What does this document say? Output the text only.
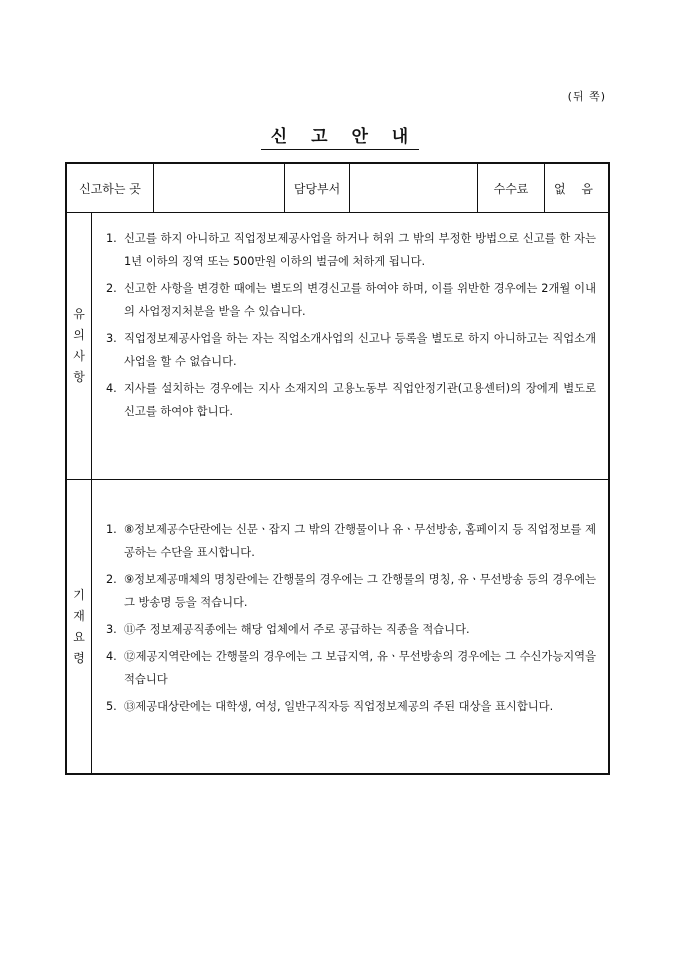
(뒤 쪽)
신 고 안 내
신고하는 곳	담당부서	수수료	없 음
유
의
사
항
1. 신고를 하지 아니하고 직업정보제공사업을 하거나 허위 그 밖의 부정한 방법으로 신고를 한 자는 1년 이하의 징역 또는 500만원 이하의 벌금에 처하게 됩니다.
2. 신고한 사항을 변경한 때에는 별도의 변경신고를 하여야 하며, 이를 위반한 경우에는 2개월 이내의 사업정지처분을 받을 수 있습니다.
3. 직업정보제공사업을 하는 자는 직업소개사업의 신고나 등록을 별도로 하지 아니하고는 직업소개사업을 할 수 없습니다.
4. 지사를 설치하는 경우에는 지사 소재지의 고용노동부 직업안정기관(고용센터)의 장에게 별도로 신고를 하여야 합니다.
기
재
요
령
1. ⑧정보제공수단란에는 신문ㆍ잡지 그 밖의 간행물이나 유ㆍ무선방송, 홈페이지 등 직업정보를 제공하는 수단을 표시합니다.
2. ⑨정보제공매체의 명칭란에는 간행물의 경우에는 그 간행물의 명칭, 유ㆍ무선방송 등의 경우에는 그 방송명 등을 적습니다.
3. ⑪주 정보제공직종에는 해당 업체에서 주로 공급하는 직종을 적습니다.
4. ⑫제공지역란에는 간행물의 경우에는 그 보급지역, 유ㆍ무선방송의 경우에는 그 수신가능지역을 적습니다
5. ⑬제공대상란에는 대학생, 여성, 일반구직자등 직업정보제공의 주된 대상을 표시합니다.
